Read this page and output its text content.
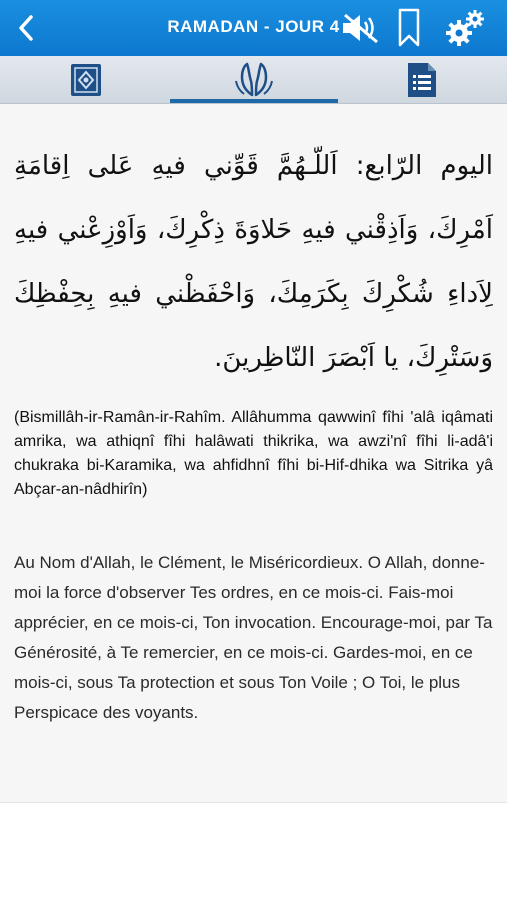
RAMADAN - JOUR 4
اليوم الرّابع: اَللّـهُمَّ قَوِّني فيهِ عَلى اِقامَةِ اَمْرِكَ، وَاَذِقْني فيهِ حَلاوَةَ ذِكْرِكَ، وَاَوْزِعْني فيهِ لِاَداءِ شُكْرِكَ بِكَرَمِكَ، وَاحْفَظْني فيهِ بِحِفْظِكَ وَسَتْرِكَ، يا اَبْصَرَ النّاظِرينَ.

(Bismillâh-ir-Ramân-ir-Rahîm. Allâhumma qawwinî fîhi 'alâ iqâmati amrika, wa athiqnî fîhi halâwati thikrika, wa awzi'nî fîhi li-adâ'i chukraka bi-Karamika, wa ahfidhnî fîhi bi-Hif-dhika wa Sitrika yâ Abçar-an-nâdhirîn)

Au Nom d'Allah, le Clément, le Miséricordieux. O Allah, donne-moi la force d'observer Tes ordres, en ce mois-ci. Fais-moi apprécier, en ce mois-ci, Ton invocation. Encourage-moi, par Ta Générosité, à Te remercier, en ce mois-ci. Gardes-moi, en ce mois-ci, sous Ta protection et sous Ton Voile ; O Toi, le plus Perspicace des voyants.
